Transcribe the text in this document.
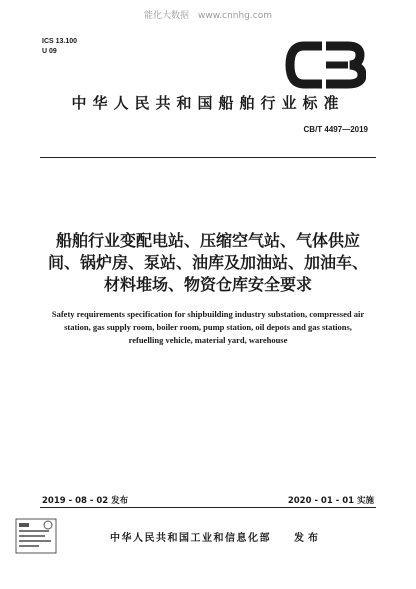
能化大数据　www.cnnhg.com
ICS 13.100
U 09
中华人民共和国船舶行业标准
CB/T 4497—2019
船舶行业变配电站、压缩空气站、气体供应
间、锅炉房、泵站、油库及加油站、加油车、
材料堆场、物资仓库安全要求
Safety requirements specification for shipbuilding industry substation, compressed air
station, gas supply room, boiler room, pump station, oil depots and gas stations,
refuelling vehicle, material yard, warehouse
2019 - 08 - 02 发布	2020 - 01 - 01 实施
中华人民共和国工业和信息化部 发布
